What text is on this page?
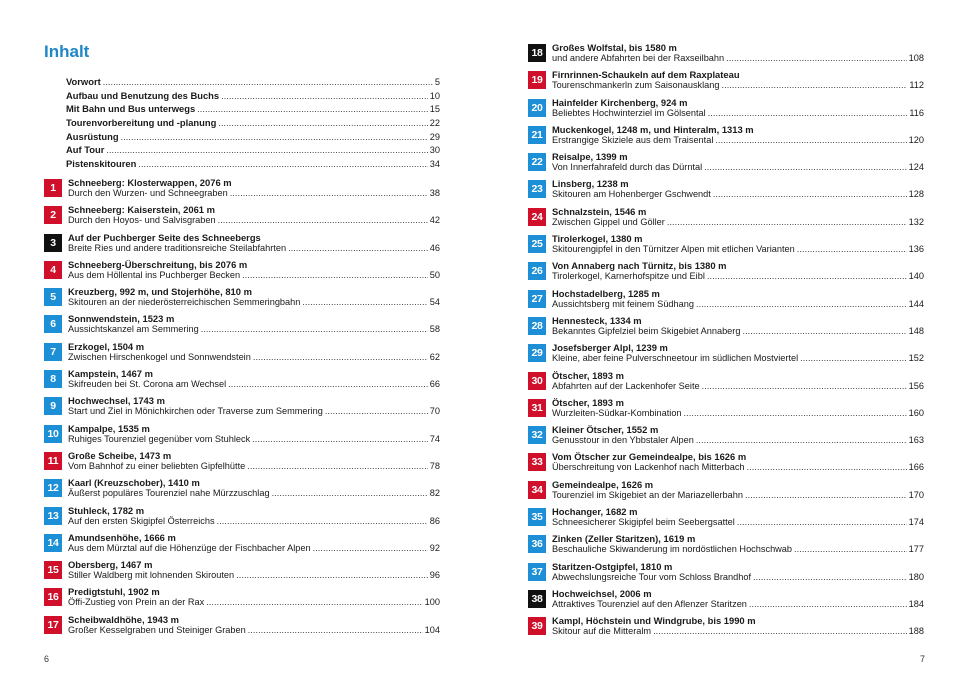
Inhalt
Vorwort . . .	5
Aufbau und Benutzung des Buchs . . .	10
Mit Bahn und Bus unterwegs . . .	15
Tourenvorbereitung und -planung . . .	22
Ausrüstung . . .	29
Auf Tour . . .	30
Pistenskitouren . . .	34
1	Schneeberg: Klosterwappen, 2076 m
Durch den Wurzen- und Schneegraben . . .	38
2	Schneeberg: Kaiserstein, 2061 m
Durch den Hoyos- und Salvisgraben . . .	42
3	Auf der Puchberger Seite des Schneebergs
Breite Ries und andere traditionsreiche Steilabfahrten . . .	46
4	Schneeberg-Überschreitung, bis 2076 m
Aus dem Höllental ins Puchberger Becken . . .	50
5	Kreuzberg, 992 m, und Stojerhöhe, 810 m
Skitouren an der niederösterreichischen Semmeringbahn . . .	54
6	Sonnwendstein, 1523 m
Aussichtskanzel am Semmering . . .	58
7	Erzkogel, 1504 m
Zwischen Hirschenkogel und Sonnwendstein . . .	62
8	Kampstein, 1467 m
Skifreuden bei St. Corona am Wechsel . . .	66
9	Hochwechsel, 1743 m
Start und Ziel in Mönichkirchen oder Traverse zum Semmering . . .	70
10	Kampalpe, 1535 m
Ruhiges Tourenziel gegenüber vom Stuhleck . . .	74
11	Große Scheibe, 1473 m
Vom Bahnhof zu einer beliebten Gipfelhütte . . .	78
12	Kaarl (Kreuzschober), 1410 m
Äußerst populäres Tourenziel nahe Mürzzuschlag . . .	82
13	Stuhleck, 1782 m
Auf den ersten Skigipfel Österreichs . . .	86
14	Amundsenhöhe, 1666 m
Aus dem Mürztal auf die Höhenzüge der Fischbacher Alpen . . .	92
15	Obersberg, 1467 m
Stiller Waldberg mit lohnenden Skirouten . . .	96
16	Predigtstuhl, 1902 m
Öffi-Zustieg von Prein an der Rax . . .	100
17	Scheibwaldhöhe, 1943 m
Großer Kesselgraben und Steiniger Graben . . .	104
6
18	Großes Wolfstal, bis 1580 m
und andere Abfahrten bei der Raxseilbahn . . .	108
19	Firnrinnen-Schaukeln auf dem Raxplateau
Tourenschmankerln zum Saisonausklang . . .	112
20	Hainfelder Kirchenberg, 924 m
Beliebtes Hochwinterziel im Gölsental . . .	116
21	Muckenkogel, 1248 m, und Hinteralm, 1313 m
Erstrangige Skiziele aus dem Traisental . . .	120
22	Reisalpe, 1399 m
Von Innerfahrafeld durch das Dürntal . . .	124
23	Linsberg, 1238 m
Skitouren am Hohenberger Gschwendt . . .	128
24	Schnalzstein, 1546 m
Zwischen Gippel und Göller . . .	132
25	Tirolerkogel, 1380 m
Skitourengipfel in den Türnitzer Alpen mit etlichen Varianten . . .	136
26	Von Annaberg nach Türnitz, bis 1380 m
Tirolerkogel, Karnerhofspitze und Eibl . . .	140
27	Hochstadelberg, 1285 m
Aussichtsberg mit feinem Südhang . . .	144
28	Hennesteck, 1334 m
Bekanntes Gipfelziel beim Skigebiet Annaberg . . .	148
29	Josefsberger Alpl, 1239 m
Kleine, aber feine Pulverschneetour im südlichen Mostviertel . . .	152
30	Ötscher, 1893 m
Abfahrten auf der Lackenhofer Seite . . .	156
31	Ötscher, 1893 m
Wurzleiten-Südkar-Kombination . . .	160
32	Kleiner Ötscher, 1552 m
Genusstour in den Ybbstaler Alpen . . .	163
33	Vom Ötscher zur Gemeindealpe, bis 1626 m
Überschreitung von Lackenhof nach Mitterbach . . .	166
34	Gemeindealpe, 1626 m
Tourenziel im Skigebiet an der Mariazellerbahn . . .	170
35	Hochanger, 1682 m
Schneesicherer Skigipfel beim Seebergsattel . . .	174
36	Zinken (Zeller Staritzen), 1619 m
Beschauliche Skiwanderung im nordöstlichen Hochschwab . . .	177
37	Staritzen-Ostgipfel, 1810 m
Abwechslungsreiche Tour vom Schloss Brandhof . . .	180
38	Hochweichsel, 2006 m
Attraktives Tourenziel auf den Aflenzer Staritzen . . .	184
39	Kampl, Höchstein und Windgrube, bis 1990 m
Skitour auf die Mitteralm . . .	188
7
